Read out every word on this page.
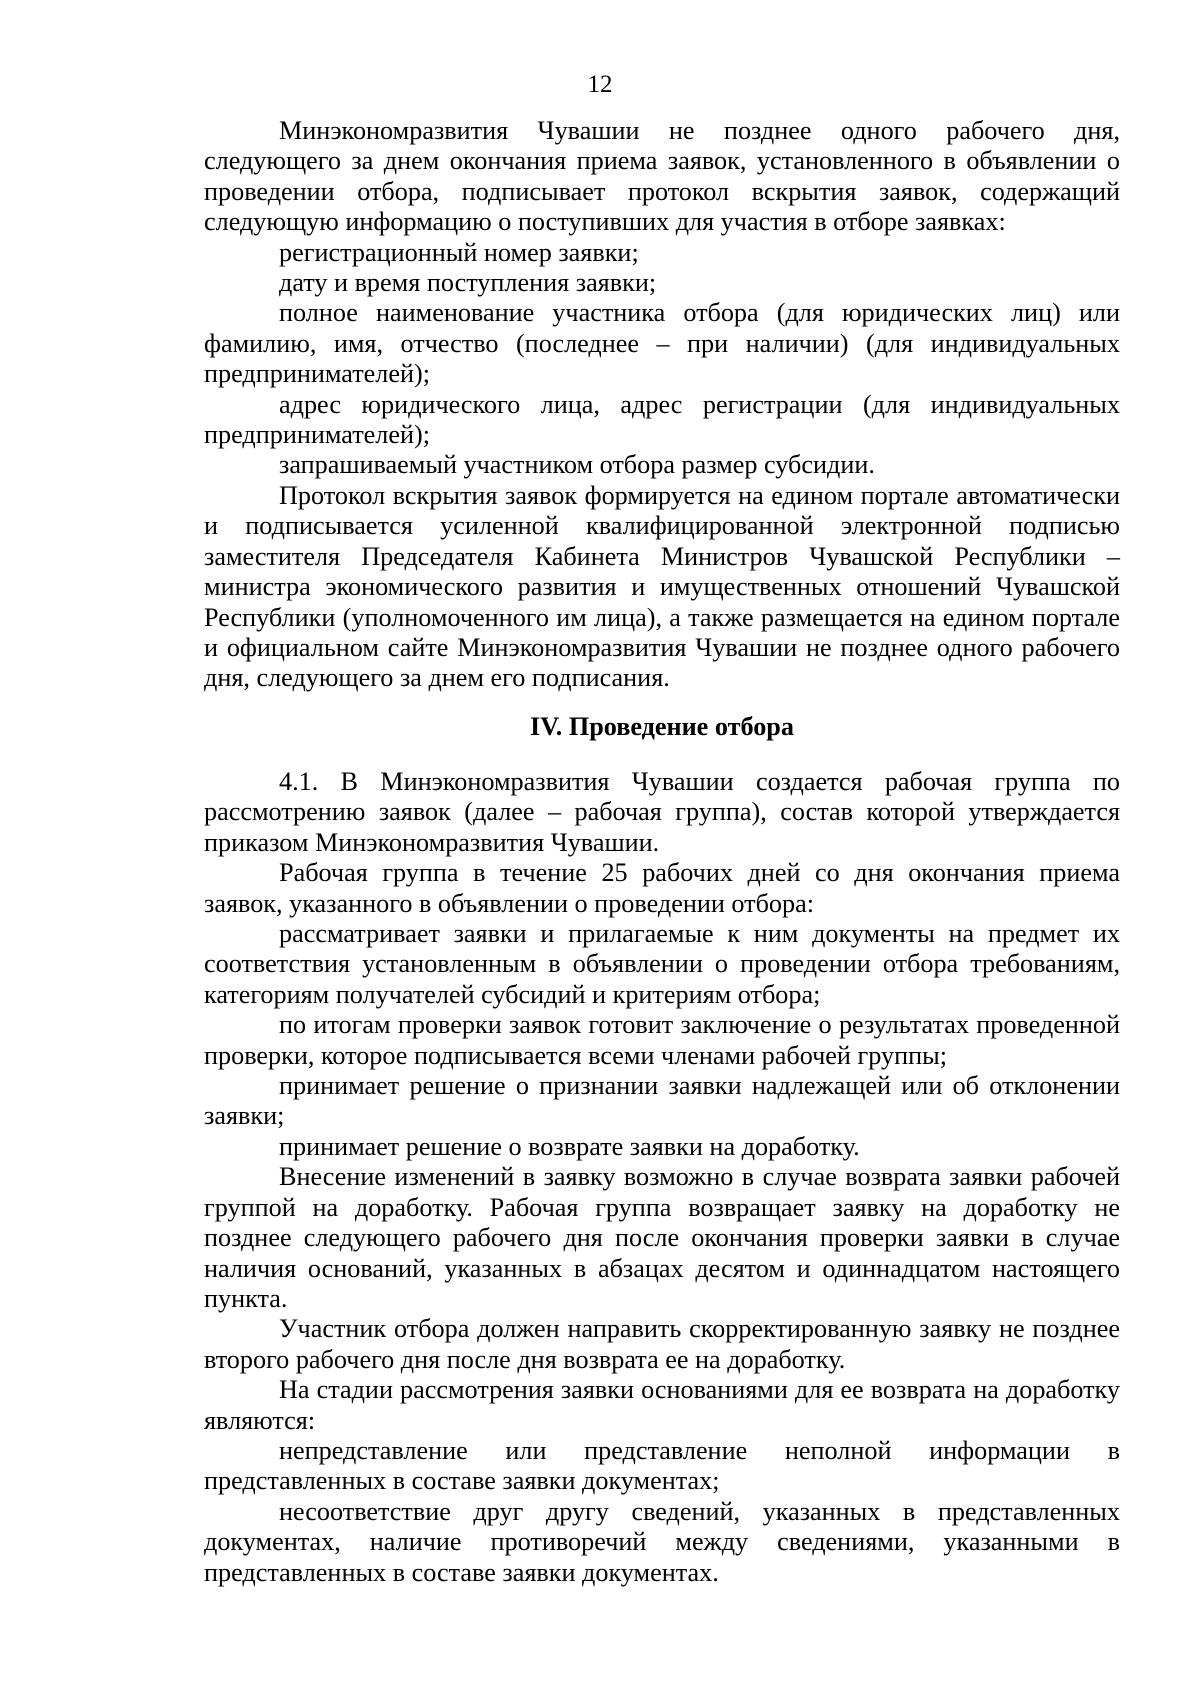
12

Минэкономразвития Чувашии не позднее одного рабочего дня, следующего за днем окончания приема заявок, установленного в объявлении о проведении отбора, подписывает протокол вскрытия заявок, содержащий следующую информацию о поступивших для участия в отборе заявках:

регистрационный номер заявки;

дату и время поступления заявки;

полное наименование участника отбора (для юридических лиц) или фамилию, имя, отчество (последнее – при наличии) (для индивидуальных предпринимателей);

адрес юридического лица, адрес регистрации (для индивидуальных предпринимателей);

запрашиваемый участником отбора размер субсидии.

Протокол вскрытия заявок формируется на едином портале автоматически и подписывается усиленной квалифицированной электронной подписью заместителя Председателя Кабинета Министров Чувашской Республики – министра экономического развития и имущественных отношений Чувашской Республики (уполномоченного им лица), а также размещается на едином портале и официальном сайте Минэкономразвития Чувашии не позднее одного рабочего дня, следующего за днем его подписания.

IV. Проведение отбора

4.1. В Минэкономразвития Чувашии создается рабочая группа по рассмотрению заявок (далее – рабочая группа), состав которой утверждается приказом Минэкономразвития Чувашии.

Рабочая группа в течение 25 рабочих дней со дня окончания приема заявок, указанного в объявлении о проведении отбора:

рассматривает заявки и прилагаемые к ним документы на предмет их соответствия установленным в объявлении о проведении отбора требованиям, категориям получателей субсидий и критериям отбора;

по итогам проверки заявок готовит заключение о результатах проведенной проверки, которое подписывается всеми членами рабочей группы;

принимает решение о признании заявки надлежащей или об отклонении заявки;

принимает решение о возврате заявки на доработку.

Внесение изменений в заявку возможно в случае возврата заявки рабочей группой на доработку. Рабочая группа возвращает заявку на доработку не позднее следующего рабочего дня после окончания проверки заявки в случае наличия оснований, указанных в абзацах десятом и одиннадцатом настоящего пункта.

Участник отбора должен направить скорректированную заявку не позднее второго рабочего дня после дня возврата ее на доработку.

На стадии рассмотрения заявки основаниями для ее возврата на доработку являются:

непредставление или представление неполной информации в представленных в составе заявки документах;

несоответствие друг другу сведений, указанных в представленных документах, наличие противоречий между сведениями, указанными в представленных в составе заявки документах.
